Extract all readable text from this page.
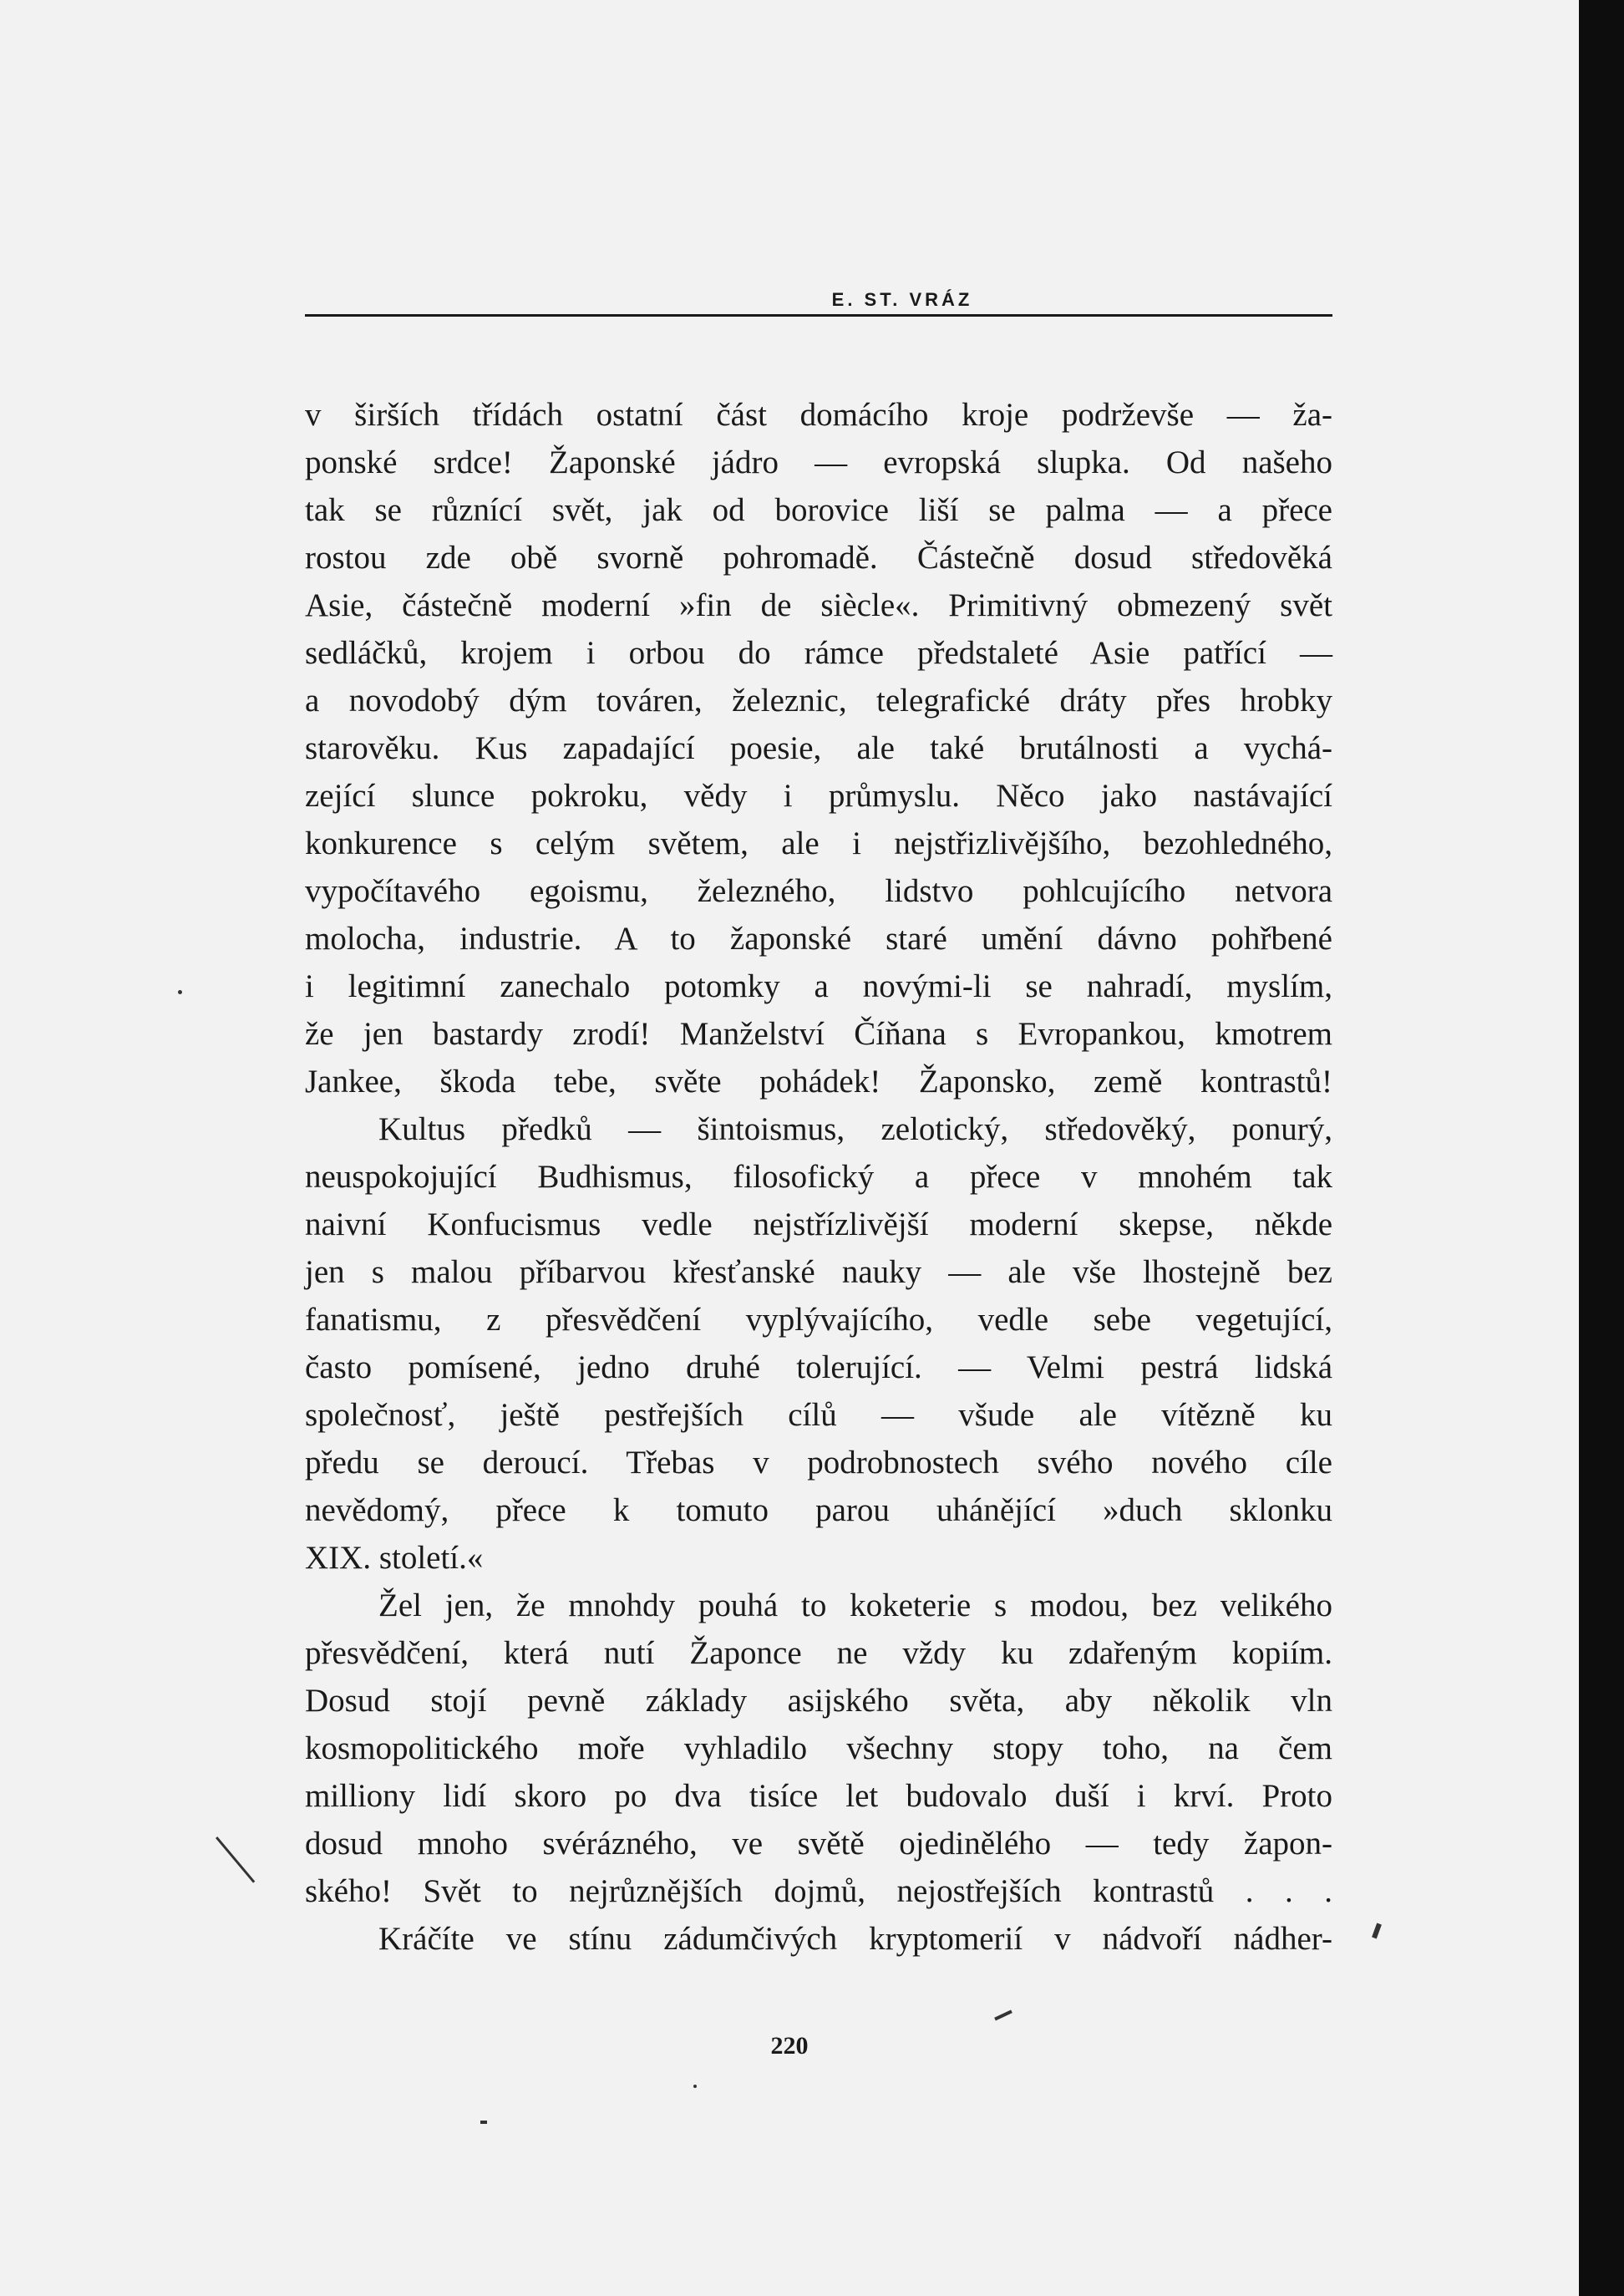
E. ST. VRÁZ
v širších třídách ostatní část domácího kroje podrževše — ža-
ponské srdce! Žaponské jádro — evropská slupka. Od našeho
tak se různící svět, jak od borovice liší se palma — a přece
rostou zde obě svorně pohromadě. Částečně dosud středověká
Asie, částečně moderní »fin de siècle«. Primitivný obmezený svět
sedláčků, krojem i orbou do rámce předstaleté Asie patřící —
a novodobý dým továren, železnic, telegrafické dráty přes hrobky
starověku. Kus zapadající poesie, ale také brutálnosti a vychá-
zející slunce pokroku, vědy i průmyslu. Něco jako nastávající
konkurence s celým světem, ale i nejstřizlivějšího, bezohledného,
vypočítavého egoismu, železného, lidstvo pohlcujícího netvora
molocha, industrie. A to žaponské staré umění dávno pohřbené
i legitimní zanechalo potomky a novými-li se nahradí, myslím,
že jen bastardy zrodí! Manželství Číňana s Evropankou, kmotrem
Jankee, škoda tebe, světe pohádek! Žaponsko, země kontrastů!
Kultus předků — šintoismus, zelotický, středověký, ponurý,
neuspokojující Budhismus, filosofický a přece v mnohém tak
naivní Konfucismus vedle nejstřízlivější moderní skepse, někde
jen s malou příbarvou křesťanské nauky — ale vše lhostejně bez
fanatismu, z přesvědčení vyplývajícího, vedle sebe vegetující,
často pomísené, jedno druhé tolerující. — Velmi pestrá lidská
společnosť, ještě pestřejších cílů — všude ale vítězně ku
předu se deroucí. Třebas v podrobnostech svého nového cíle
nevědomý, přece k tomuto parou uhánějící »duch sklonku
XIX. století.«
Žel jen, že mnohdy pouhá to koketerie s modou, bez velikého
přesvědčení, která nutí Žaponce ne vždy ku zdařeným kopiím.
Dosud stojí pevně základy asijského světa, aby několik vln
kosmopolitického moře vyhladilo všechny stopy toho, na čem
milliony lidí skoro po dva tisíce let budovalo duší i krví. Proto
dosud mnoho svérázného, ve světě ojedinělého — tedy žapon-
ského! Svět to nejrůznějších dojmů, nejostřejších kontrastů . . .
Kráčíte ve stínu zádumčivých kryptomerií v nádvoří nádher-
220
